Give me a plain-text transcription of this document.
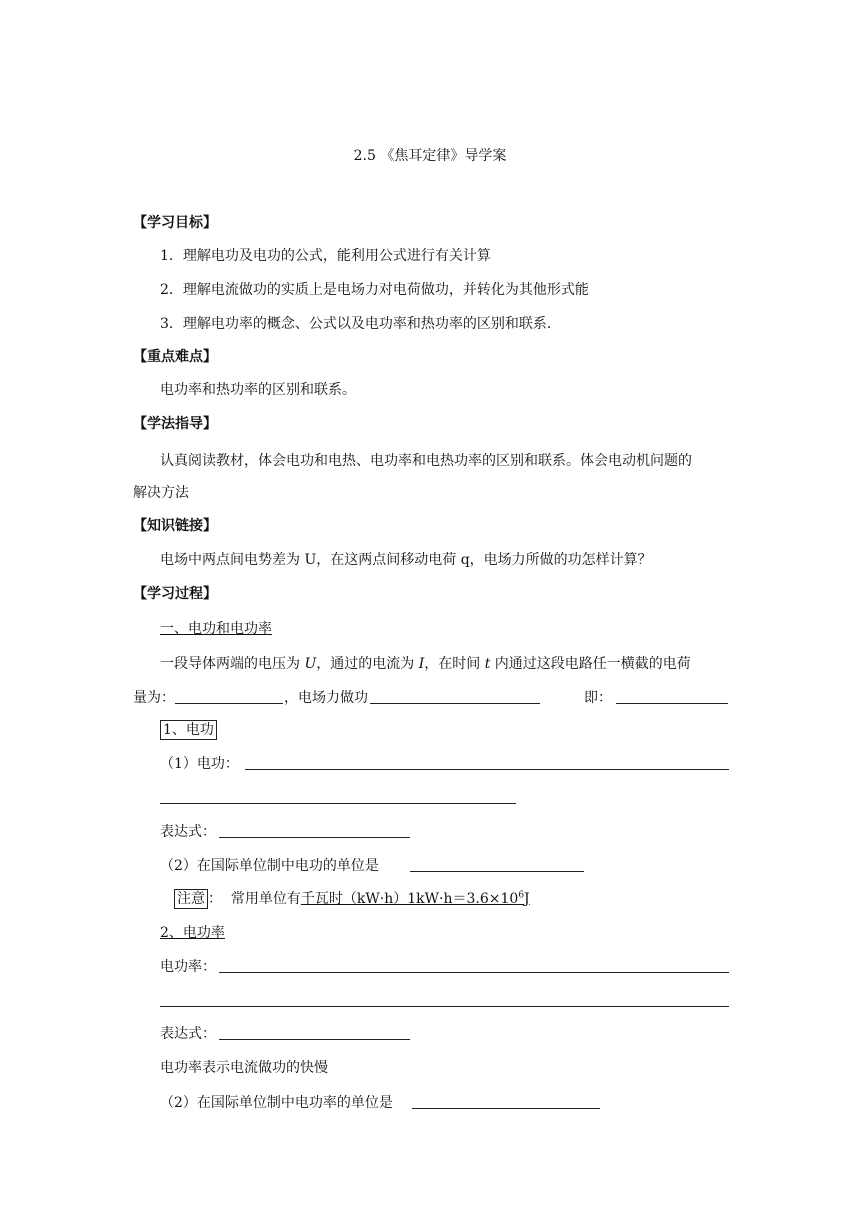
2.5 《焦耳定律》导学案
【学习目标】
1．理解电功及电功的公式，能利用公式进行有关计算
2．理解电流做功的实质上是电场力对电荷做功，并转化为其他形式能
3．理解电功率的概念、公式以及电功率和热功率的区别和联系．
【重点难点】
电功率和热功率的区别和联系。
【学法指导】
认真阅读教材，体会电功和电热、电功率和电热功率的区别和联系。体会电动机问题的
解决方法
【知识链接】
电场中两点间电势差为 U，在这两点间移动电荷 q，电场力所做的功怎样计算？
【学习过程】
一、电功和电功率
一段导体两端的电压为 U，通过的电流为 I，在时间 t 内通过这段电路任一横截的电荷
量为：	， 电场力做功	即：
1、电功
（1）电功：
表达式：
（2）在国际单位制中电功的单位是
注意 ： 常用单位有千瓦时$(kW\cdot h)1kW\cdot h=3.6\times 10^6J$
2、电功率
电功率：
表达式：
电功率表示电流做功的快慢
（2）在国际单位制中电功率的单位是
